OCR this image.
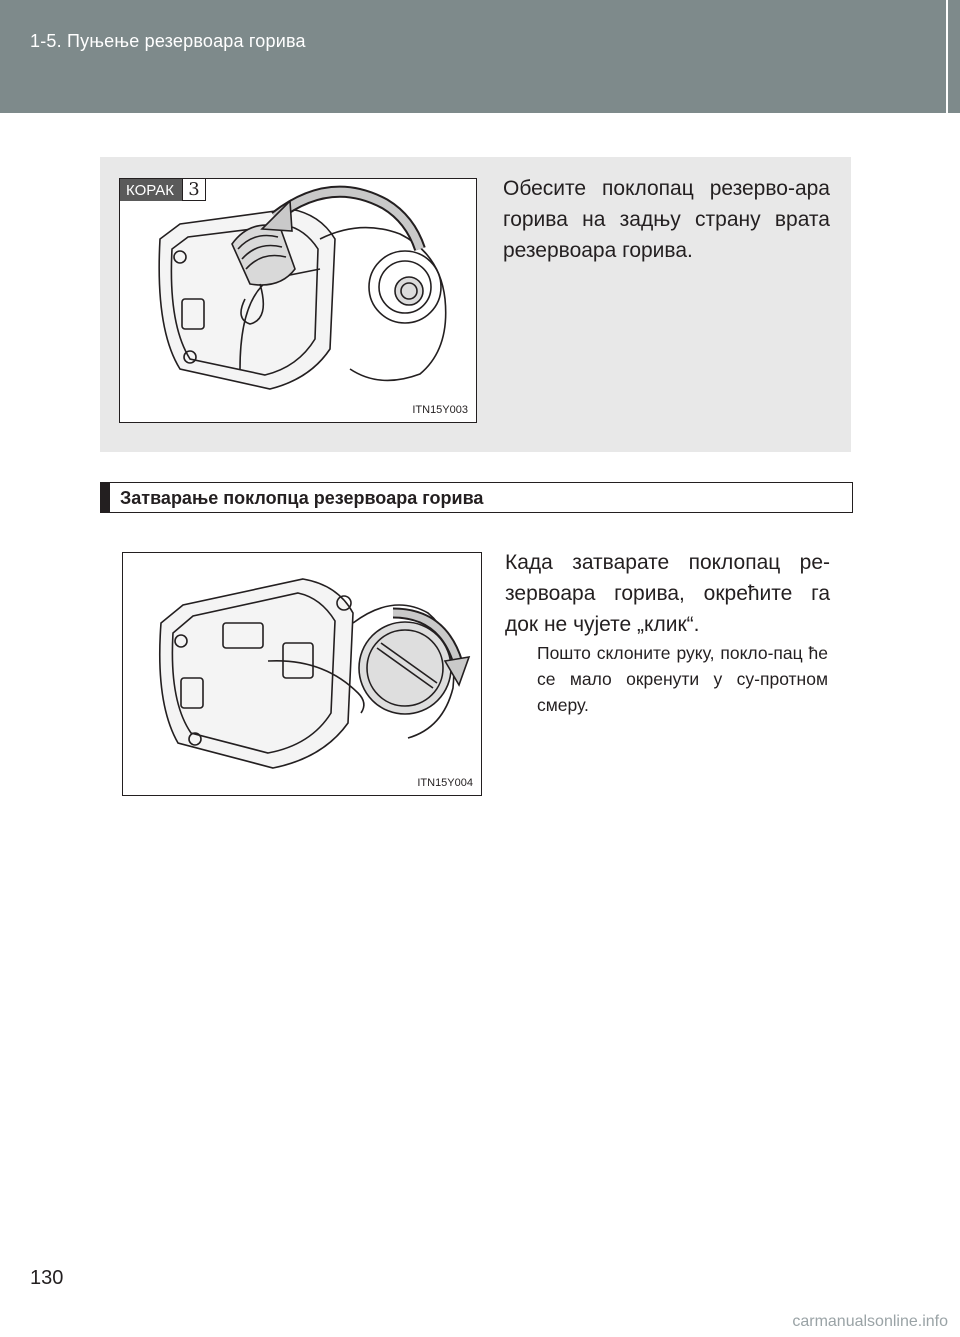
1-5. Пуњење резервоара горива
КОРАК 3
ITN15Y003
Обесите поклопац резерво-ара горива на задњу страну врата резервоара горива.
Затварање поклопца резервоара горива
ITN15Y004
Када затварате поклопац ре-зервоара горива, окрећите га док не чујете „клик“.
Пошто склоните руку, покло-пац ће се мало окренути у су-протном смеру.
130
carmanualsonline.info
